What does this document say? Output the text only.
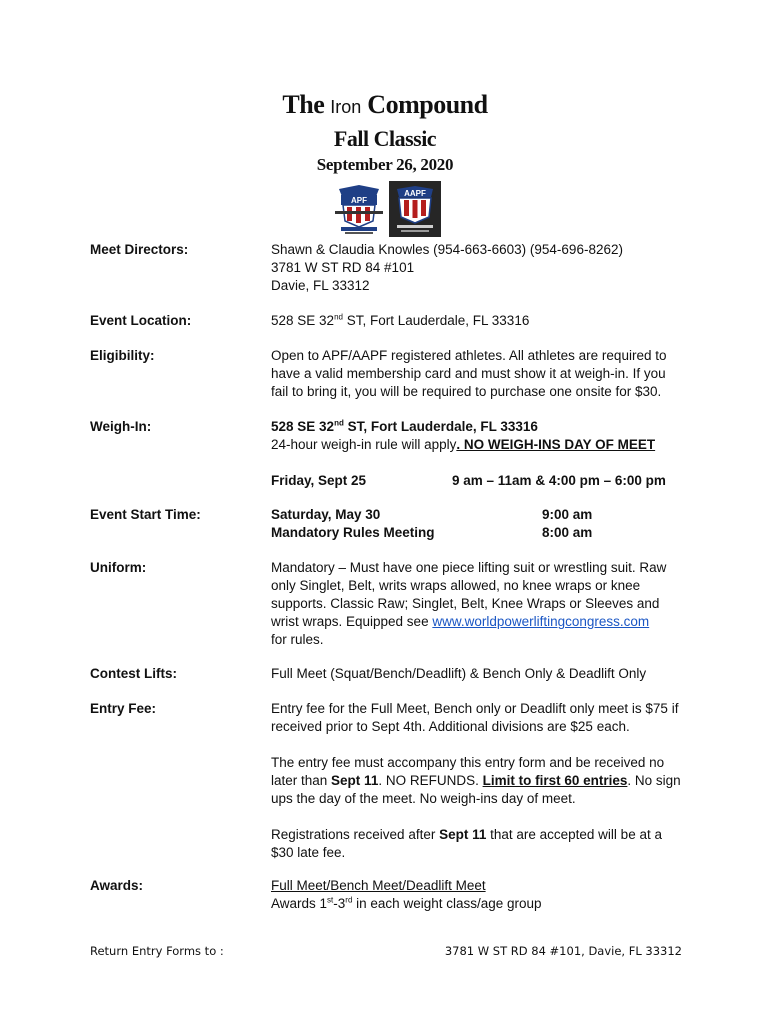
The Iron Compound
Fall Classic
September 26, 2020
APF
AAPF
Meet Directors:	Shawn & Claudia Knowles (954-663-6603) (954-696-8262)

3781 W ST RD 84 #101

Davie, FL 33312

Event Location:	528 SE 32nd ST, Fort Lauderdale, FL 33316
Eligibility:	Open to APF/AAPF registered athletes. All athletes are required to have a valid membership card and must show it at weigh-in. If you fail to bring it, you will be required to purchase one onsite for $30.
Weigh-In:	528 SE 32nd ST, Fort Lauderdale, FL 33316

24-hour weigh-in rule will apply. NO WEIGH-INS DAY OF MEET

Friday, Sept 25	9 am – 11am & 4:00 pm – 6:00 pm
Event Start Time:	Saturday, May 30	9:00 am
Mandatory Rules Meeting	8:00 am
Uniform:	Mandatory – Must have one piece lifting suit or wrestling suit. Raw only Singlet, Belt, writs wraps allowed, no knee wraps or knee supports. Classic Raw; Singlet, Belt, Knee Wraps or Sleeves and wrist wraps. Equipped see www.worldpowerliftingcongress.com

for rules.

Contest Lifts:	Full Meet (Squat/Bench/Deadlift) & Bench Only & Deadlift Only
Entry Fee:	Entry fee for the Full Meet, Bench only or Deadlift only meet is $75 if received prior to Sept 4th. Additional divisions are $25 each.

The entry fee must accompany this entry form and be received no later than Sept 11. NO REFUNDS. Limit to first 60 entries. No sign ups the day of the meet. No weigh-ins day of meet.

Registrations received after Sept 11 that are accepted will be at a $30 late fee.

Awards:	Full Meet/Bench Meet/Deadlift Meet

Awards 1st-3rd in each weight class/age group

Return Entry Forms to :	3781 W ST RD 84 #101, Davie, FL 33312
